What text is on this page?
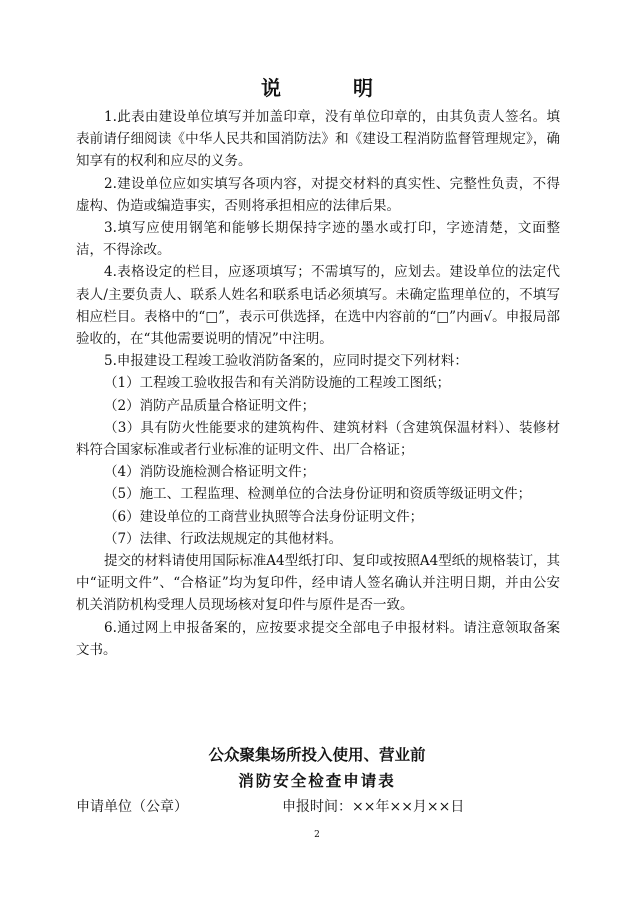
说　明

1.此表由建设单位填写并加盖印章，没有单位印章的，由其负责人签名。填表前请仔细阅读《中华人民共和国消防法》和《建设工程消防监督管理规定》，确知享有的权利和应尽的义务。

2.建设单位应如实填写各项内容，对提交材料的真实性、完整性负责，不得虚构、伪造或编造事实，否则将承担相应的法律后果。

3.填写应使用钢笔和能够长期保持字迹的墨水或打印，字迹清楚，文面整洁，不得涂改。

4.表格设定的栏目，应逐项填写；不需填写的，应划去。建设单位的法定代表人/主要负责人、联系人姓名和联系电话必须填写。未确定监理单位的，不填写相应栏目。表格中的“□”，表示可供选择，在选中内容前的“□”内画√。申报局部验收的，在“其他需要说明的情况”中注明。

5.申报建设工程竣工验收消防备案的，应同时提交下列材料：

（1）工程竣工验收报告和有关消防设施的工程竣工图纸；

（2）消防产品质量合格证明文件；

（3）具有防火性能要求的建筑构件、建筑材料（含建筑保温材料）、装修材料符合国家标准或者行业标准的证明文件、出厂合格证；

（4）消防设施检测合格证明文件；

（5）施工、工程监理、检测单位的合法身份证明和资质等级证明文件；

（6）建设单位的工商营业执照等合法身份证明文件；

（7）法律、行政法规规定的其他材料。

提交的材料请使用国际标准A4型纸打印、复印或按照A4型纸的规格装订，其中“证明文件”、“合格证”均为复印件，经申请人签名确认并注明日期，并由公安机关消防机构受理人员现场核对复印件与原件是否一致。

6.通过网上申报备案的，应按要求提交全部电子申报材料。请注意领取备案文书。

公众聚集场所投入使用、营业前
消防安全检查申请表
申请单位（公章）	申报时间：××年××月××日
2
